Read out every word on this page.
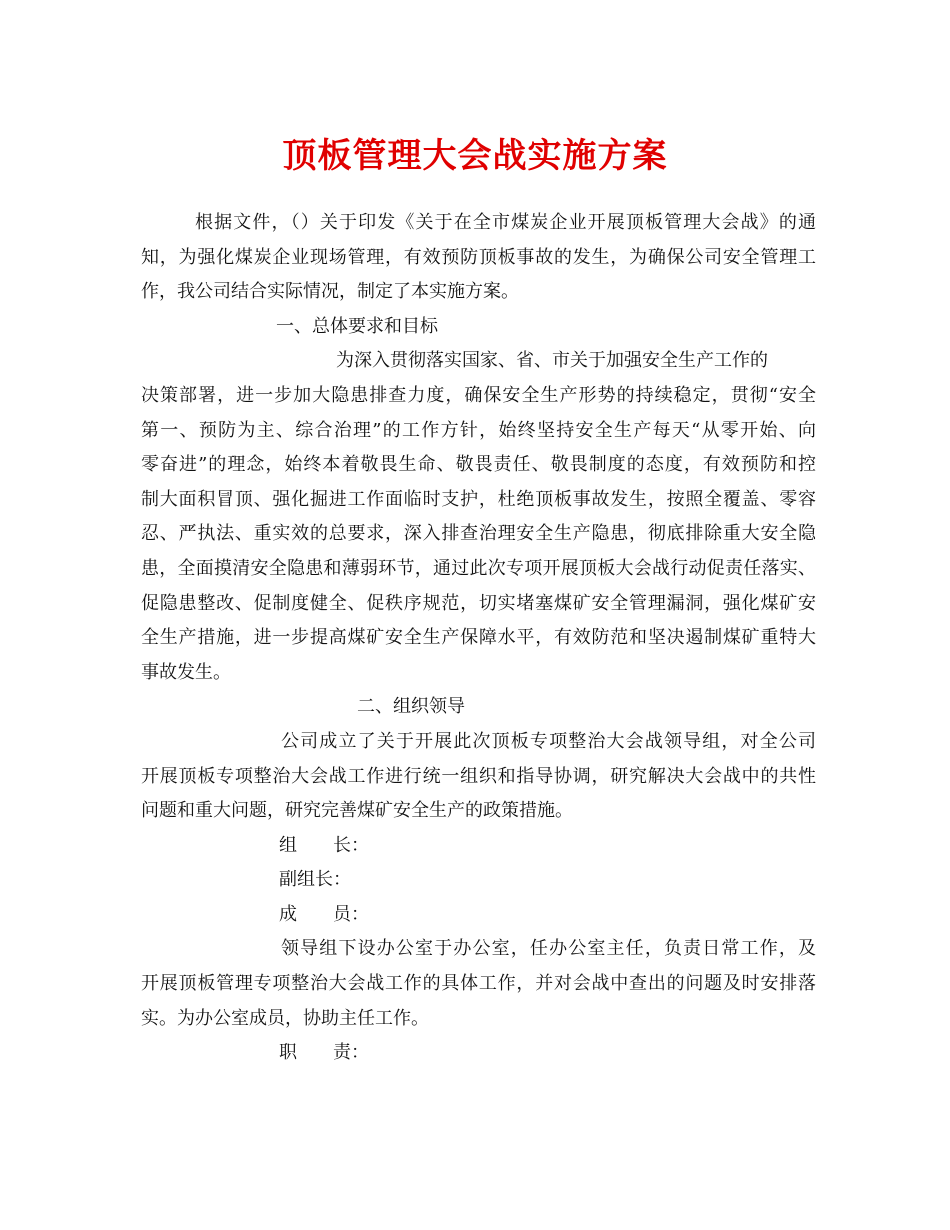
顶板管理大会战实施方案

根据文件，（）关于印发《关于在全市煤炭企业开展顶板管理大会战》的通
知，为强化煤炭企业现场管理，有效预防顶板事故的发生，为确保公司安全管理工
作，我公司结合实际情况，制定了本实施方案。

一、总体要求和目标

为深入贯彻落实国家、省、市关于加强安全生产工作的
决策部署，进一步加大隐患排查力度，确保安全生产形势的持续稳定，贯彻“安全
第一、预防为主、综合治理”的工作方针，始终坚持安全生产每天“从零开始、向
零奋进”的理念，始终本着敬畏生命、敬畏责任、敬畏制度的态度，有效预防和控
制大面积冒顶、强化掘进工作面临时支护，杜绝顶板事故发生，按照全覆盖、零容
忍、严执法、重实效的总要求，深入排查治理安全生产隐患，彻底排除重大安全隐
患，全面摸清安全隐患和薄弱环节，通过此次专项开展顶板大会战行动促责任落实、
促隐患整改、促制度健全、促秩序规范，切实堵塞煤矿安全管理漏洞，强化煤矿安
全生产措施，进一步提高煤矿安全生产保障水平，有效防范和坚决遏制煤矿重特大
事故发生。

二、组织领导

公司成立了关于开展此次顶板专项整治大会战领导组，对全公司
开展顶板专项整治大会战工作进行统一组织和指导协调，研究解决大会战中的共性
问题和重大问题，研究完善煤矿安全生产的政策措施。

组　　长：

副组长：

成　　员：

领导组下设办公室于办公室，任办公室主任，负责日常工作，及
开展顶板管理专项整治大会战工作的具体工作，并对会战中查出的问题及时安排落
实。为办公室成员，协助主任工作。

职　　责：
